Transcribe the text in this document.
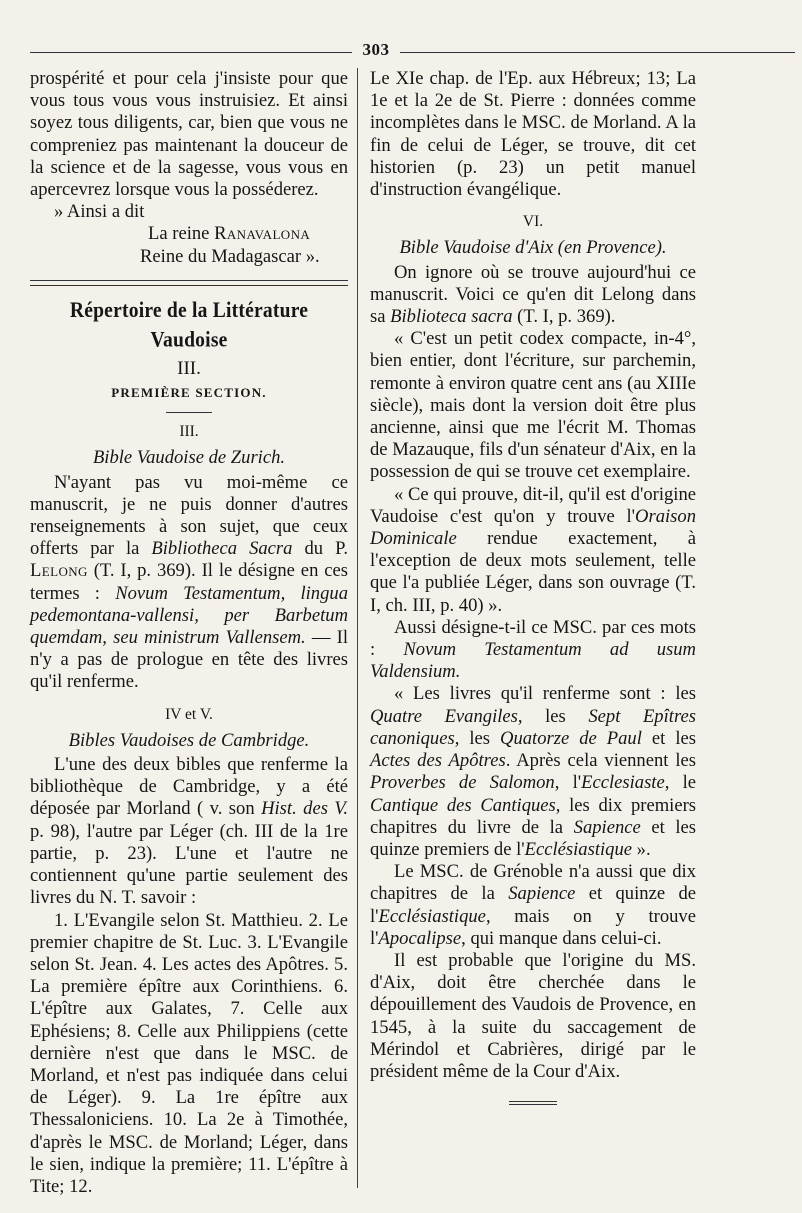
303

prospérité et pour cela j'insiste pour que vous tous vous vous instruisiez. Et ainsi soyez tous diligents, car, bien que vous ne compreniez pas maintenant la douceur de la science et de la sagesse, vous vous en apercevrez lorsque vous la posséderez.

» Ainsi a dit

La reine Ranavalona

Reine du Madagascar ».

Répertoire de la Littérature Vaudoise
III.
PREMIÈRE SECTION.
III.
Bible Vaudoise de Zurich.

N'ayant pas vu moi-même ce manuscrit, je ne puis donner d'autres renseignements à son sujet, que ceux offerts par la Bibliotheca Sacra du P. Lelong (T. I, p. 369). Il le désigne en ces termes : Novum Testamentum, lingua pedemontana-vallensi, per Barbetum quemdam, seu ministrum Vallensem. — Il n'y a pas de prologue en tête des livres qu'il renferme.

IV et V.
Bibles Vaudoises de Cambridge.

L'une des deux bibles que renferme la bibliothèque de Cambridge, y a été déposée par Morland ( v. son Hist. des V. p. 98), l'autre par Léger (ch. III de la 1re partie, p. 23). L'une et l'autre ne contiennent qu'une partie seulement des livres du N. T. savoir :

1. L'Evangile selon St. Matthieu. 2. Le premier chapitre de St. Luc. 3. L'Evangile selon St. Jean. 4. Les actes des Apôtres. 5. La première épître aux Corinthiens. 6. L'épître aux Galates, 7. Celle aux Ephésiens; 8. Celle aux Philippiens (cette dernière n'est que dans le MSC. de Morland, et n'est pas indiquée dans celui de Léger). 9. La 1re épître aux Thessaloniciens. 10. La 2e à Timothée, d'après le MSC. de Morland; Léger, dans le sien, indique la première; 11. L'épître à Tite; 12.

Le XIe chap. de l'Ep. aux Hébreux; 13; La 1e et la 2e de St. Pierre : données comme incomplètes dans le MSC. de Morland. A la fin de celui de Léger, se trouve, dit cet historien (p. 23) un petit manuel d'instruction évangélique.

VI.
Bible Vaudoise d'Aix (en Provence).

On ignore où se trouve aujourd'hui ce manuscrit. Voici ce qu'en dit Lelong dans sa Biblioteca sacra (T. I, p. 369).

« C'est un petit codex compacte, in-4°, bien entier, dont l'écriture, sur parchemin, remonte à environ quatre cent ans (au XIIIe siècle), mais dont la version doit être plus ancienne, ainsi que me l'écrit M. Thomas de Mazauque, fils d'un sénateur d'Aix, en la possession de qui se trouve cet exemplaire.

« Ce qui prouve, dit-il, qu'il est d'origine Vaudoise c'est qu'on y trouve l'Oraison Dominicale rendue exactement, à l'exception de deux mots seulement, telle que l'a publiée Léger, dans son ouvrage (T. I, ch. III, p. 40) ».

Aussi désigne-t-il ce MSC. par ces mots : Novum Testamentum ad usum Valdensium.

« Les livres qu'il renferme sont : les Quatre Evangiles, les Sept Epîtres canoniques, les Quatorze de Paul et les Actes des Apôtres. Après cela viennent les Proverbes de Salomon, l'Ecclesiaste, le Cantique des Cantiques, les dix premiers chapitres du livre de la Sapience et les quinze premiers de l'Ecclésiastique ».

Le MSC. de Grénoble n'a aussi que dix chapitres de la Sapience et quinze de l'Ecclésiastique, mais on y trouve l'Apocalipse, qui manque dans celui-ci.

Il est probable que l'origine du MS. d'Aix, doit être cherchée dans le dépouillement des Vaudois de Provence, en 1545, à la suite du saccagement de Mérindol et Cabrières, dirigé par le président même de la Cour d'Aix.
